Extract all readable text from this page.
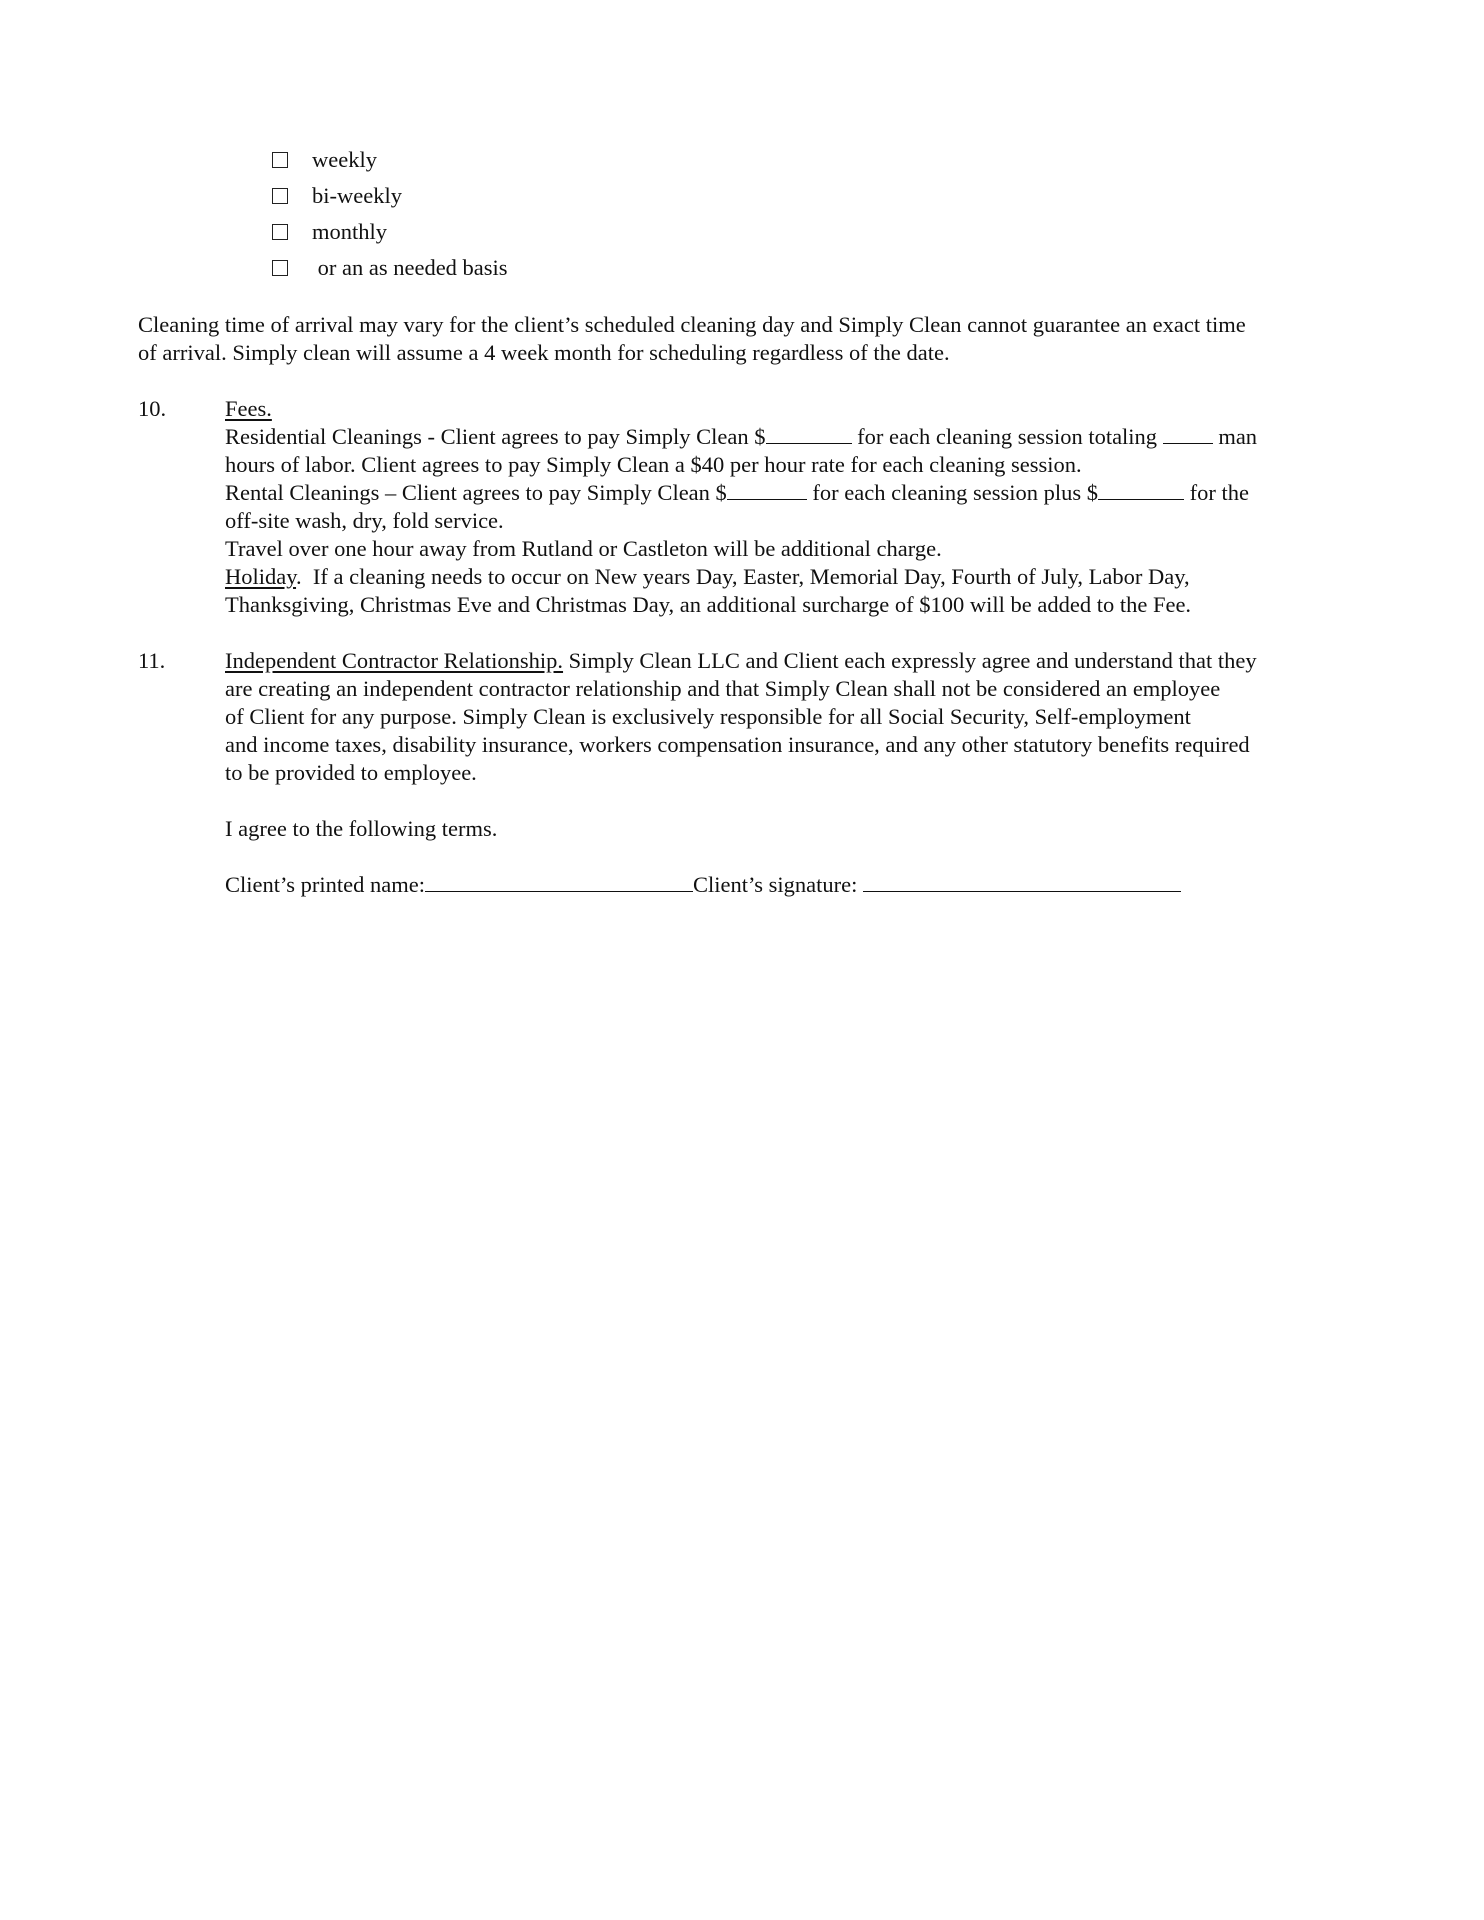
weekly
bi-weekly
monthly
or an as needed basis
Cleaning time of arrival may vary for the client’s scheduled cleaning day and Simply Clean cannot guarantee an exact time
of arrival. Simply clean will assume a 4 week month for scheduling regardless of the date.
10.	Fees.
Residential Cleanings - Client agrees to pay Simply Clean $	for each cleaning session totaling  man
hours of labor. Client agrees to pay Simply Clean a $40 per hour rate for each cleaning session.
Rental Cleanings – Client agrees to pay Simply Clean $	for each cleaning session plus $	for the
off-site wash, dry, fold service.
Travel over one hour away from Rutland or Castleton will be additional charge.
Holiday.  If a cleaning needs to occur on New years Day, Easter, Memorial Day, Fourth of July, Labor Day,
Thanksgiving, Christmas Eve and Christmas Day, an additional surcharge of $100 will be added to the Fee.
11.	Independent Contractor Relationship. Simply Clean LLC and Client each expressly agree and understand that they
are creating an independent contractor relationship and that Simply Clean shall not be considered an employee
of Client for any purpose. Simply Clean is exclusively responsible for all Social Security, Self-employment
and income taxes, disability insurance, workers compensation insurance, and any other statutory benefits required
to be provided to employee.
I agree to the following terms.
Client’s printed name:	Client’s signature:
